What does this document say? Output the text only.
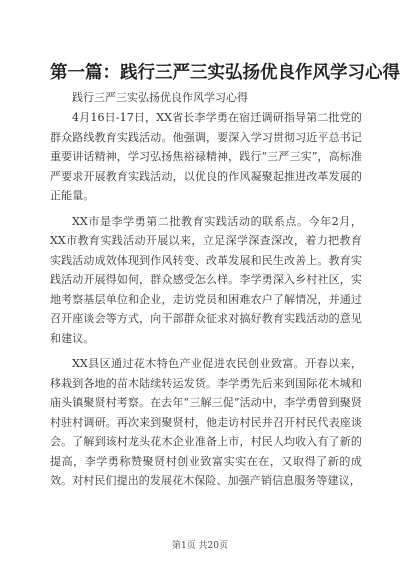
第一篇：践行三严三实弘扬优良作风学习心得

践行三严三实弘扬优良作风学习心得

4月16日-17日，XX省长李学勇在宿迁调研指导第二批党的群众路线教育实践活动。他强调，要深入学习贯彻习近平总书记重要讲话精神，学习弘扬焦裕禄精神，践行“三严三实”，高标准严要求开展教育实践活动，以优良的作风凝聚起推进改革发展的正能量。

XX市是李学勇第二批教育实践活动的联系点。今年2月，XX市教育实践活动开展以来，立足深学深查深改，着力把教育实践活动成效体现到作风转变、改革发展和民生改善上。教育实践活动开展得如何，群众感受怎么样。李学勇深入乡村社区，实地考察基层单位和企业，走访党员和困难农户了解情况，并通过召开座谈会等方式，向干部群众征求对搞好教育实践活动的意见和建议。

XX县区通过花木特色产业促进农民创业致富。开春以来，移栽到各地的苗木陆续转运发货。李学勇先后来到国际花木城和庙头镇聚贤村考察。在去年“三解三促”活动中，李学勇曾到聚贤村驻村调研。再次来到聚贤村，他走访村民并召开村民代表座谈会。了解到该村龙头花木企业准备上市，村民人均收入有了新的提高，李学勇称赞聚贤村创业致富实实在在，又取得了新的成效。对村民们提出的发展花木保险、加强产销信息服务等建议，

第1页 共20页
